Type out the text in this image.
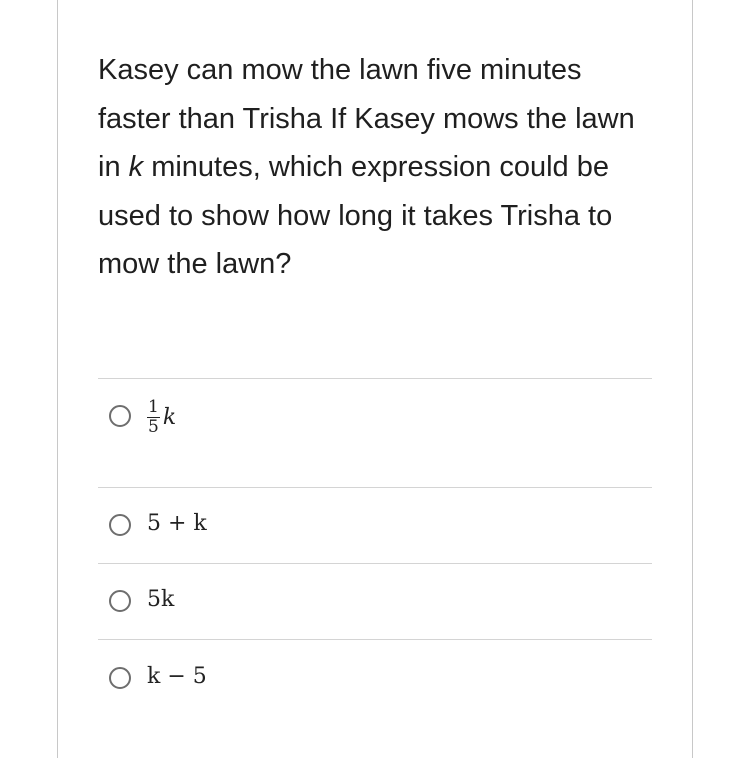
Kasey can mow the lawn five minutes faster than Trisha If Kasey mows the lawn in k minutes, which expression could be used to show how long it takes Trisha to mow the lawn?

$\frac{1}{5}$ k
5 + k
5k
k − 5
